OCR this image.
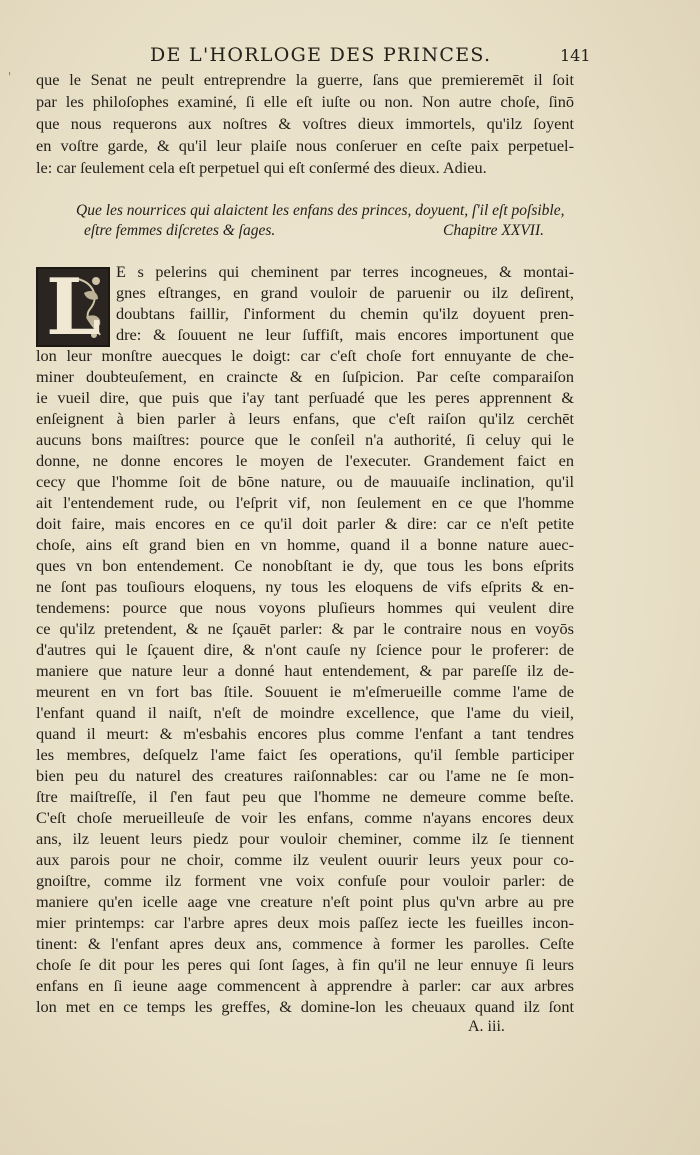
DE L'HORLOGE DES PRINCES.	141
' que le Senat ne peult entreprendre la guerre, ſans que premieremēt il ſoit
par les philoſophes examiné, ſi elle eſt iuſte ou non. Non autre choſe, ſinō
que nous requerons aux noſtres & voſtres dieux immortels, qu'ilz ſoyent
en voſtre garde, & qu'il leur plaiſe nous conſeruer en ceſte paix perpetuel-
le: car ſeulement cela eſt perpetuel qui eſt conſermé des dieux. Adieu.
Que les nourrices qui alaictent les enfans des princes, doyuent, ſ'il eſt poſsible,
eſtre femmes diſcretes & ſages.	Chapitre XXVII.
L E s pelerins qui cheminent par terres incogneues, & montai-
gnes eſtranges, en grand vouloir de paruenir ou ilz deſirent,
doubtans faillir, ſ'informent du chemin qu'ilz doyuent pren-
dre: & ſouuent ne leur ſuffiſt, mais encores importunent que
lon leur monſtre auecques le doigt: car c'eſt choſe fort ennuyante de che-
miner doubteuſement, en craincte & en ſuſpicion. Par ceſte comparaiſon
ie vueil dire, que puis que i'ay tant perſuadé que les peres apprennent &
enſeignent à bien parler à leurs enfans, que c'eſt raiſon qu'ilz cerchēt
aucuns bons maiſtres: pource que le conſeil n'a authorité, ſi celuy qui le
donne, ne donne encores le moyen de l'executer. Grandement faict en
cecy que l'homme ſoit de bōne nature, ou de mauuaiſe inclination, qu'il
ait l'entendement rude, ou l'eſprit vif, non ſeulement en ce que l'homme
doit faire, mais encores en ce qu'il doit parler & dire: car ce n'eſt petite
choſe, ains eſt grand bien en vn homme, quand il a bonne nature auec-
ques vn bon entendement. Ce nonobſtant ie dy, que tous les bons eſprits
ne ſont pas touſiours eloquens, ny tous les eloquens de vifs eſprits & en-
tendemens: pource que nous voyons pluſieurs hommes qui veulent dire
ce qu'ilz pretendent, & ne ſçauēt parler: & par le contraire nous en voyōs
d'autres qui le ſçauent dire, & n'ont cauſe ny ſcience pour le proferer: de
maniere que nature leur a donné haut entendement, & par pareſſe ilz de-
meurent en vn fort bas ſtile. Souuent ie m'eſmerueille comme l'ame de
l'enfant quand il naiſt, n'eſt de moindre excellence, que l'ame du vieil,
quand il meurt: & m'esbahis encores plus comme l'enfant a tant tendres
les membres, deſquelz l'ame faict ſes operations, qu'il ſemble participer
bien peu du naturel des creatures raiſonnables: car ou l'ame ne ſe mon-
ſtre maiſtreſſe, il ſ'en faut peu que l'homme ne demeure comme beſte.
C'eſt choſe merueilleuſe de voir les enfans, comme n'ayans encores deux
ans, ilz leuent leurs piedz pour vouloir cheminer, comme ilz ſe tiennent
aux parois pour ne choir, comme ilz veulent ouurir leurs yeux pour co-
gnoiſtre, comme ilz forment vne voix confuſe pour vouloir parler: de
maniere qu'en icelle aage vne creature n'eſt point plus qu'vn arbre au pre
mier printemps: car l'arbre apres deux mois paſſez iecte les fueilles incon-
tinent: & l'enfant apres deux ans, commence à former les parolles. Ceſte
choſe ſe dit pour les peres qui ſont ſages, à fin qu'il ne leur ennuye ſi leurs
enfans en ſi ieune aage commencent à apprendre à parler: car aux arbres
lon met en ce temps les greffes, & domine-lon les cheuaux quand ilz ſont
A. iii.
